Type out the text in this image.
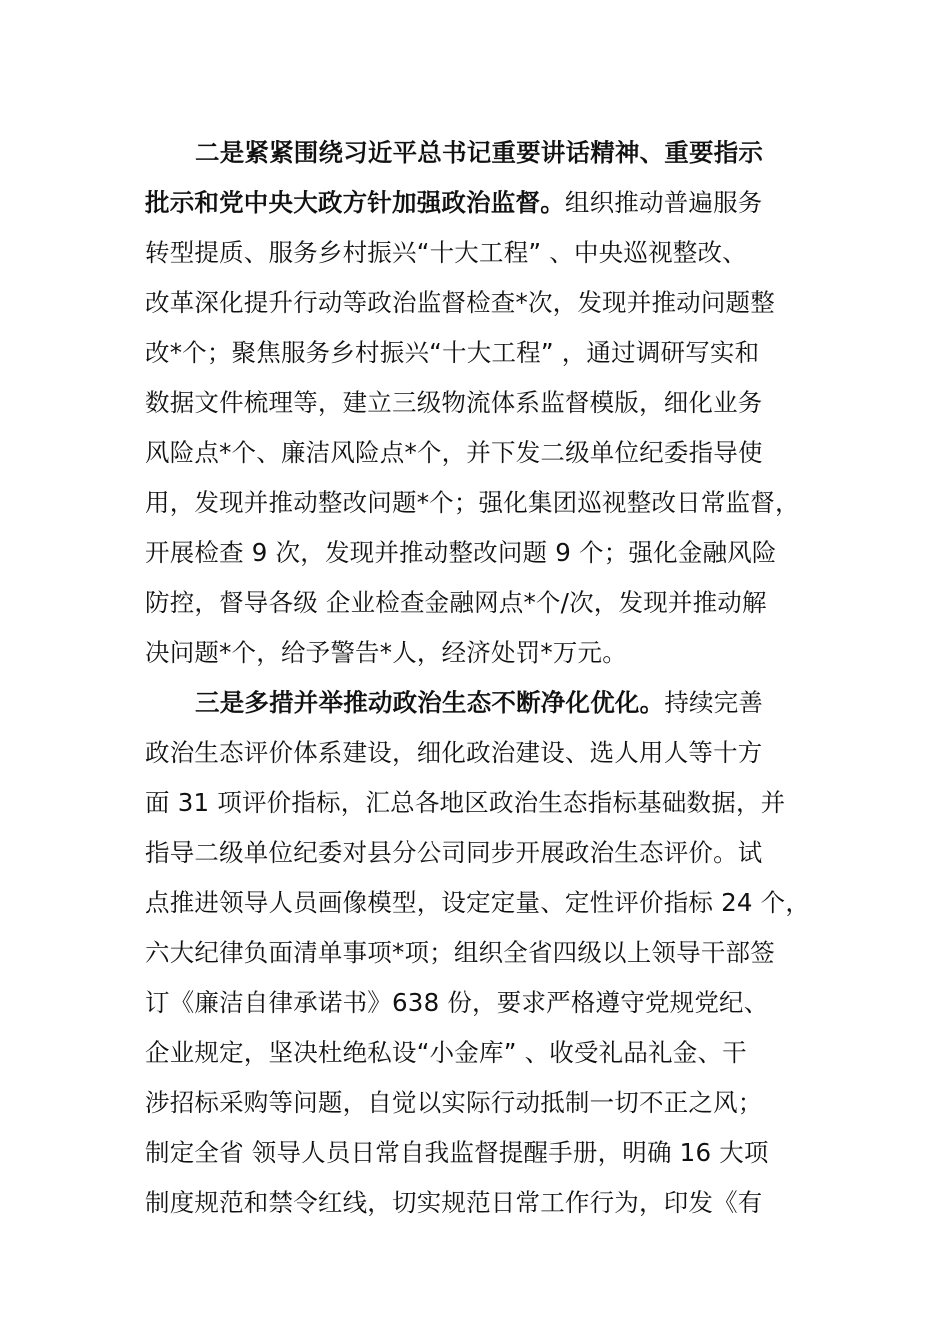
二是紧紧围绕习近平总书记重要讲话精神、重要指示
批示和党中央大政方针加强政治监督。组织推动普遍服务
转型提质、服务乡村振兴“十大工程” 、中央巡视整改、
改革深化提升行动等政治监督检查*次，发现并推动问题整
改*个；聚焦服务乡村振兴“十大工程” ，通过调研写实和
数据文件梳理等，建立三级物流体系监督模版，细化业务
风险点*个、廉洁风险点*个，并下发二级单位纪委指导使
用，发现并推动整改问题*个；强化集团巡视整改日常监督，
开展检查 9 次，发现并推动整改问题 9 个；强化金融风险
防控，督导各级 企业检查金融网点*个/次，发现并推动解
决问题*个，给予警告*人，经济处罚*万元。
三是多措并举推动政治生态不断净化优化。持续完善
政治生态评价体系建设，细化政治建设、选人用人等十方
面 31 项评价指标，汇总各地区政治生态指标基础数据，并
指导二级单位纪委对县分公司同步开展政治生态评价。试
点推进领导人员画像模型，设定定量、定性评价指标 24 个，
六大纪律负面清单事项*项；组织全省四级以上领导干部签
订《廉洁自律承诺书》638 份，要求严格遵守党规党纪、
企业规定，坚决杜绝私设“小金库” 、收受礼品礼金、干
涉招标采购等问题，自觉以实际行动抵制一切不正之风；
制定全省 领导人员日常自我监督提醒手册，明确 16 大项
制度规范和禁令红线，切实规范日常工作行为，印发《有
